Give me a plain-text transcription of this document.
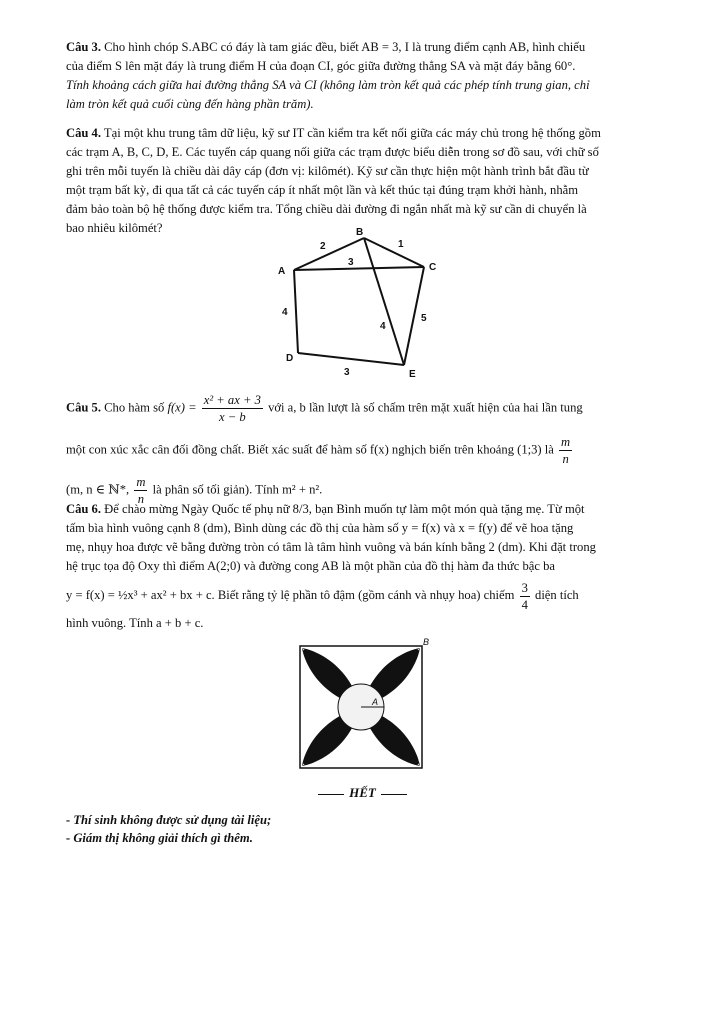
Câu 3. Cho hình chóp S.ABC có đáy là tam giác đều, biết AB = 3, I là trung điểm cạnh AB, hình chiếu
của điểm S lên mặt đáy là trung điểm H của đoạn CI, góc giữa đường thẳng SA và mặt đáy bằng 60°.
Tính khoảng cách giữa hai đường thẳng SA và CI (không làm tròn kết quả các phép tính trung gian, chỉ
làm tròn kết quả cuối cùng đến hàng phần trăm).
Câu 4. Tại một khu trung tâm dữ liệu, kỹ sư IT cần kiểm tra kết nối giữa các máy chủ trong hệ thống gồm
các trạm A, B, C, D, E. Các tuyến cáp quang nối giữa các trạm được biểu diễn trong sơ đồ sau, với chữ số
ghi trên mỗi tuyến là chiều dài dây cáp (đơn vị: kilômét). Kỹ sư cần thực hiện một hành trình bắt đầu từ
một trạm bất kỳ, đi qua tất cả các tuyến cáp ít nhất một lần và kết thúc tại đúng trạm khởi hành, nhằm
đảm bảo toàn bộ hệ thống được kiểm tra. Tổng chiều dài đường đi ngắn nhất mà kỹ sư cần di chuyển là
bao nhiêu kilômét?
A
B
C
D
E
2	1
3
4
4
5
3
Câu 5. Cho hàm số $f(x) = \frac{\text{x² + ax + 3}}{x - b}$ với a, b lần lượt là số chấm trên mặt xuất hiện của hai lần tung
một con xúc xắc cân đối đồng chất. Biết xác suất để hàm số f(x) nghịch biến trên khoảng (1;3) là $\frac{m}{n}$
(m, n ∈ ℕ*, $\frac{m}{n}$ là phân số tối giản). Tính m² + n².
Câu 6. Để chào mừng Ngày Quốc tế phụ nữ 8/3, bạn Bình muốn tự làm một món quà tặng mẹ. Từ một
tấm bìa hình vuông cạnh 8 (dm), Bình dùng các đồ thị của hàm số y = f(x) và x = f(y) để vẽ hoa tặng
mẹ, nhụy hoa được vẽ bằng đường tròn có tâm là tâm hình vuông và bán kính bằng 2 (dm). Khi đặt trong
hệ trục tọa độ Oxy thì điểm A(2;0) và đường cong AB là một phần của đồ thị hàm đa thức bậc ba
y = f(x) = ½x³ + ax² + bx + c. Biết rằng tỷ lệ phần tô đậm (gồm cánh và nhụy hoa) chiếm $\frac{3}{4}$ diện tích
hình vuông. Tính a + b + c.
A
B
HẾT
- Thí sinh không được sử dụng tài liệu;
- Giám thị không giải thích gì thêm.
